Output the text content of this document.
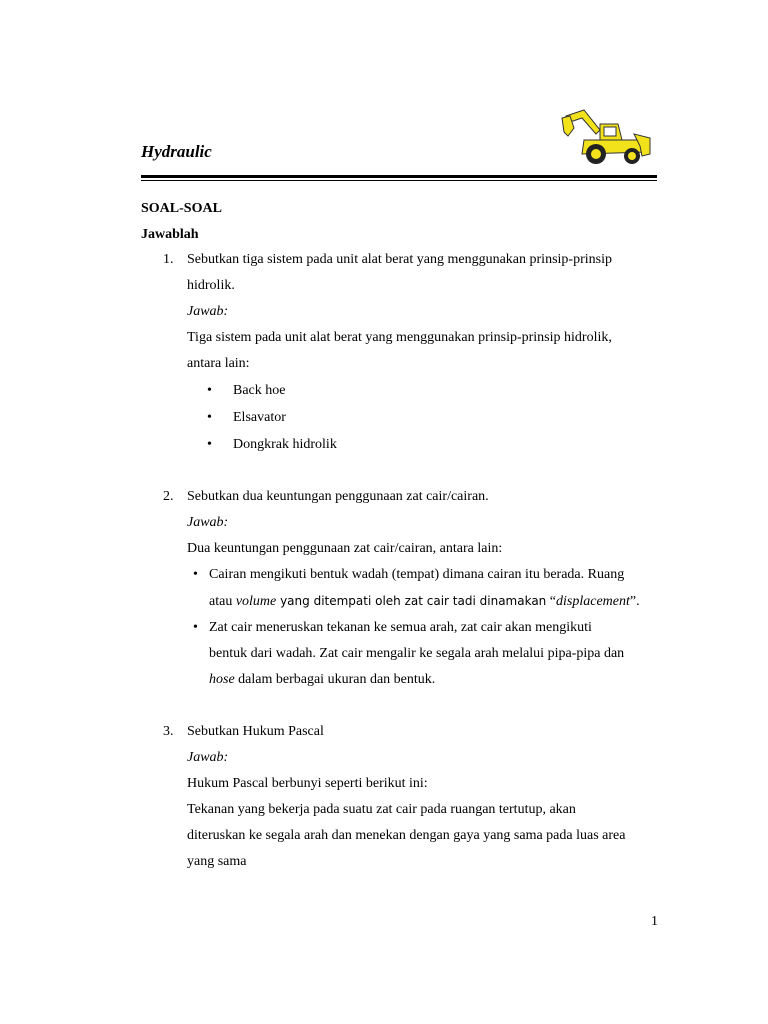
Hydraulic
SOAL-SOAL
Jawablah
1. Sebutkan tiga sistem pada unit alat berat yang menggunakan prinsip-prinsip
hidrolik.
Jawab:
Tiga sistem pada unit alat berat yang menggunakan prinsip-prinsip hidrolik,
antara lain:
• Back hoe
• Elsavator
• Dongkrak hidrolik
2. Sebutkan dua keuntungan penggunaan zat cair/cairan.
Jawab:
Dua keuntungan penggunaan zat cair/cairan, antara lain:
• Cairan mengikuti bentuk wadah (tempat) dimana cairan itu berada. Ruang
atau volume yang ditempati oleh zat cair tadi dinamakan “displacement”.
• Zat cair meneruskan tekanan ke semua arah, zat cair akan mengikuti
bentuk dari wadah. Zat cair mengalir ke segala arah melalui pipa-pipa dan
hose dalam berbagai ukuran dan bentuk.
3. Sebutkan Hukum Pascal
Jawab:
Hukum Pascal berbunyi seperti berikut ini:
Tekanan yang bekerja pada suatu zat cair pada ruangan tertutup, akan
diteruskan ke segala arah dan menekan dengan gaya yang sama pada luas area
yang sama
1
